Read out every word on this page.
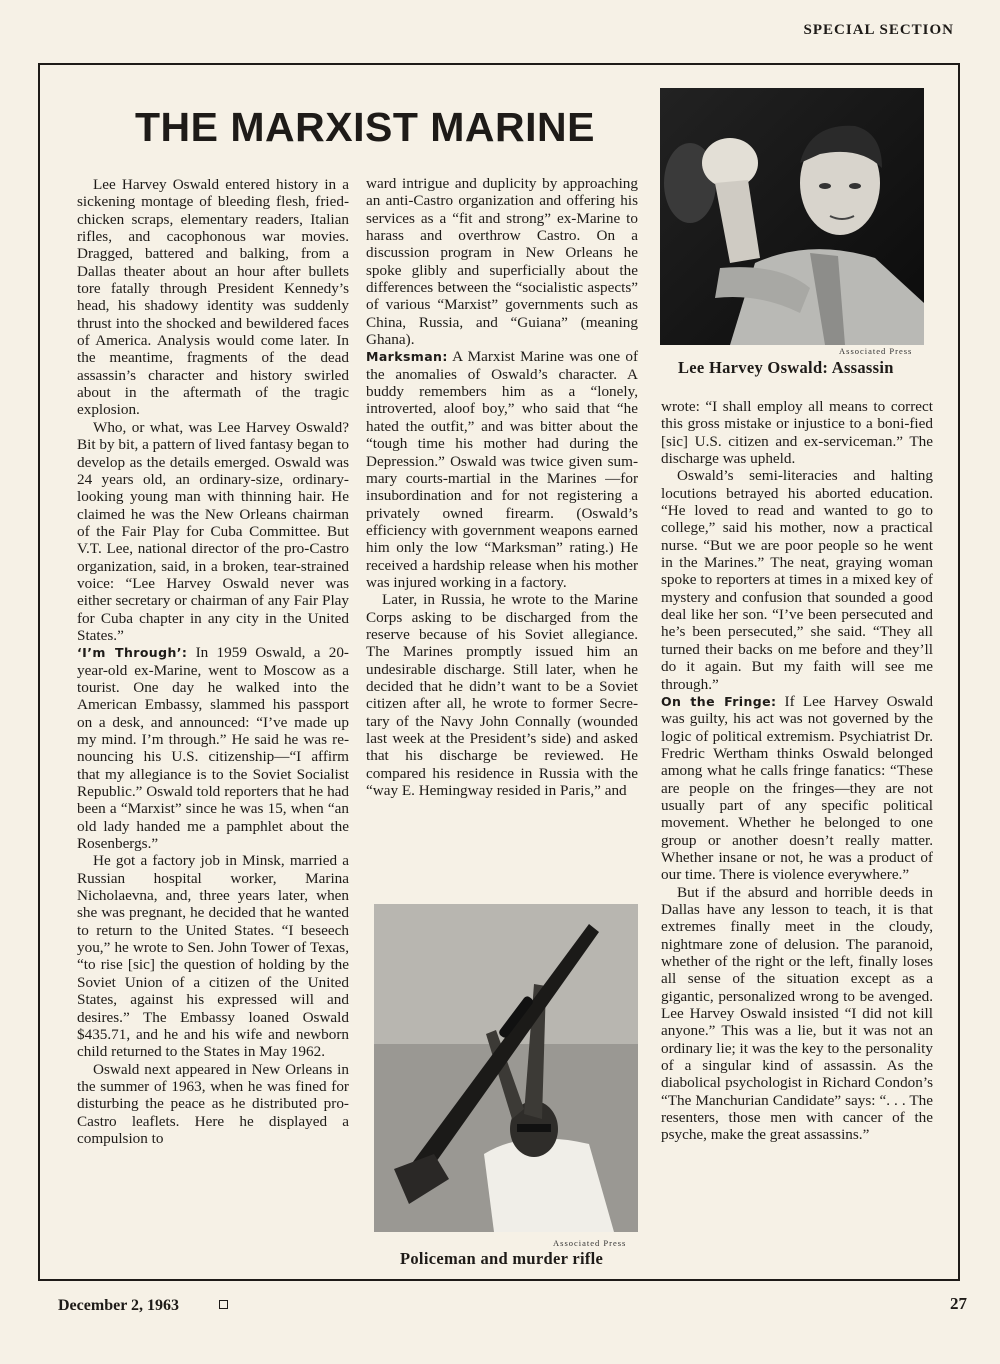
SPECIAL SECTION
THE MARXIST MARINE

Lee Harvey Oswald entered history in a sickening montage of bleeding flesh, fried-chicken scraps, elementary readers, Italian rifles, and cacophonous war movies. Dragged, battered and balking, from a Dallas theater about an hour after bullets tore fatally through President Kennedy’s head, his shadowy identity was suddenly thrust into the shocked and bewildered faces of America. Analysis would come later. In the meantime, fragments of the dead assassin’s character and history swirled about in the aftermath of the tragic explosion.

Who, or what, was Lee Harvey Oswald? Bit by bit, a pattern of lived fantasy began to develop as the details emerged. Oswald was 24 years old, an ordinary-size, ordinary-looking young man with thinning hair. He claimed he was the New Orleans chairman of the Fair Play for Cuba Committee. But V.T. Lee, national director of the pro-Castro organization, said, in a broken, tear-strained voice: “Lee Harvey Oswald never was either secretary or chairman of any Fair Play for Cuba chapter in any city in the United States.”

‘I’m Through’: In 1959 Oswald, a 20-year-old ex-Marine, went to Moscow as a tourist. One day he walked into the American Embassy, slammed his passport on a desk, and announced: “I’ve made up my mind. I’m through.” He said he was renouncing his U.S. citizenship—“I affirm that my allegiance is to the Soviet Socialist Republic.” Oswald told reporters that he had been a “Marxist” since he was 15, when “an old lady handed me a pamphlet about the Rosenbergs.”

He got a factory job in Minsk, married a Russian hospital worker, Marina Nicholaevna, and, three years later, when she was pregnant, he decided that he wanted to return to the United States. “I beseech you,” he wrote to Sen. John Tower of Texas, “to rise [sic] the question of holding by the Soviet Union of a citizen of the United States, against his expressed will and desires.” The Embassy loaned Oswald $435.71, and he and his wife and newborn child returned to the States in May 1962.

Oswald next appeared in New Orleans in the summer of 1963, when he was fined for disturbing the peace as he distributed pro-Castro leaflets. Here he displayed a compulsion to

ward intrigue and duplicity by approaching an anti-Castro organization and offering his services as a “fit and strong” ex-Marine to harass and overthrow Castro. On a discussion program in New Orleans he spoke glibly and superficially about the differences between the “socialistic aspects” of various “Marxist” governments such as China, Russia, and “Guiana” (meaning Ghana).

Marksman: A Marxist Marine was one of the anomalies of Oswald’s character. A buddy remembers him as a “lonely, introverted, aloof boy,” who said that “he hated the outfit,” and was bitter about the “tough time his mother had during the Depression.” Oswald was twice given summary courts-martial in the Marines —for insubordination and for not registering a privately owned firearm. (Oswald’s efficiency with government weapons earned him only the low “Marksman” rating.) He received a hardship release when his mother was injured working in a factory.

Later, in Russia, he wrote to the Marine Corps asking to be discharged from the reserve because of his Soviet allegiance. The Marines promptly issued him an undesirable discharge. Still later, when he decided that he didn’t want to be a Soviet citizen after all, he wrote to former Secretary of the Navy John Connally (wounded last week at the President’s side) and asked that his discharge be reviewed. He compared his residence in Russia with the “way E. Hemingway resided in Paris,” and

wrote: “I shall employ all means to correct this gross mistake or injustice to a boni-fied [sic] U.S. citizen and ex-serviceman.” The discharge was upheld.

Oswald’s semi-literacies and halting locutions betrayed his aborted education. “He loved to read and wanted to go to college,” said his mother, now a practical nurse. “But we are poor people so he went in the Marines.” The neat, graying woman spoke to reporters at times in a mixed key of mystery and confusion that sounded a good deal like her son. “I’ve been persecuted and he’s been persecuted,” she said. “They all turned their backs on me before and they’ll do it again. But my faith will see me through.”

On the Fringe: If Lee Harvey Oswald was guilty, his act was not governed by the logic of political extremism. Psychiatrist Dr. Fredric Wertham thinks Oswald belonged among what he calls fringe fanatics: “These are people on the fringes—they are not usually part of any specific political movement. Whether he belonged to one group or another doesn’t really matter. Whether insane or not, he was a product of our time. There is violence everywhere.”

But if the absurd and horrible deeds in Dallas have any lesson to teach, it is that extremes finally meet in the cloudy, nightmare zone of delusion. The paranoid, whether of the right or the left, finally loses all sense of the situation except as a gigantic, personalized wrong to be avenged. Lee Harvey Oswald insisted “I did not kill anyone.” This was a lie, but it was not an ordinary lie; it was the key to the personality of a singular kind of assassin. As the diabolical psychologist in Richard Condon’s “The Manchurian Candidate” says: “. . . The resenters, those men with cancer of the psyche, make the great assassins.”

Associated Press
Lee Harvey Oswald: Assassin
Associated Press
Policeman and murder rifle
December 2, 1963	27
